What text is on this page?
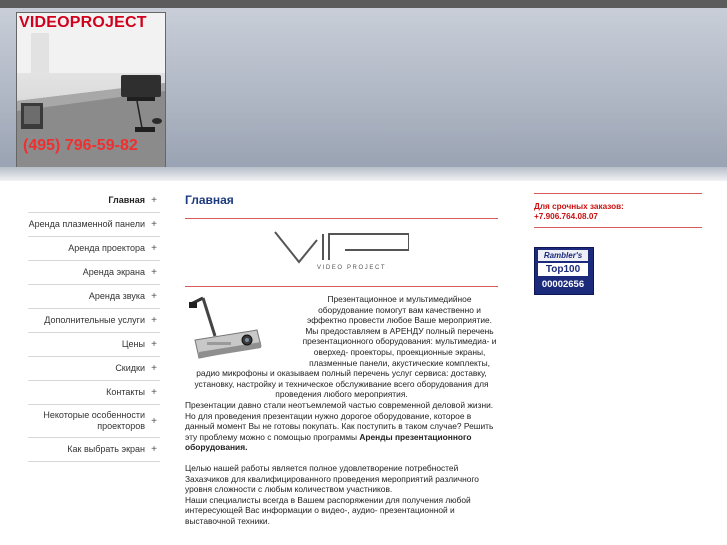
VIDEOPROJECT
(495) 796-59-82
Главная +
Аренда плазменной панели +
Аренда проектора +
Аренда экрана +
Аренда звука +
Дополнительные услуги +
Цены +
Скидки +
Контакты +
Некоторые особенности проекторов +
Как выбрать экран +
Главная
VIDEO PROJECT

Презентационное и мультимедийное оборудование помогут вам качественно и эффектно провести любое Ваше мероприятие. Мы предоставляем в АРЕНДУ полный перечень презентационного оборудования: мультимедиа- и оверхед- проекторы, проекционные экраны, плазменные панели, акустические комплекты, радио микрофоны и оказываем полный перечень услуг сервиса: доставку, установку, настройку и техническое обслуживание всего оборудования для проведения любого мероприятия.

Презентации давно стали неотъемлемой частью современной деловой жизни.

Но для проведения презентации нужно дорогое оборудование, которое в данный момент Вы не готовы покупать. Как поступить в таком случае? Решить эту проблему можно с помощью программы Аренды презентационного оборудования.

Целью нашей работы является полное удовлетворение потребностей Захазчиков для квалифицированного проведения мероприятий различного уровня сложности с любым количеством участников.

Наши специалисты всегда в Вашем распоряжении для получения любой интересующей Вас информации о видео-, аудио- презентационной и выставочной техники.

Для срочных заказов:
+7.906.764.08.07
Rambler's
Top100
00002656
